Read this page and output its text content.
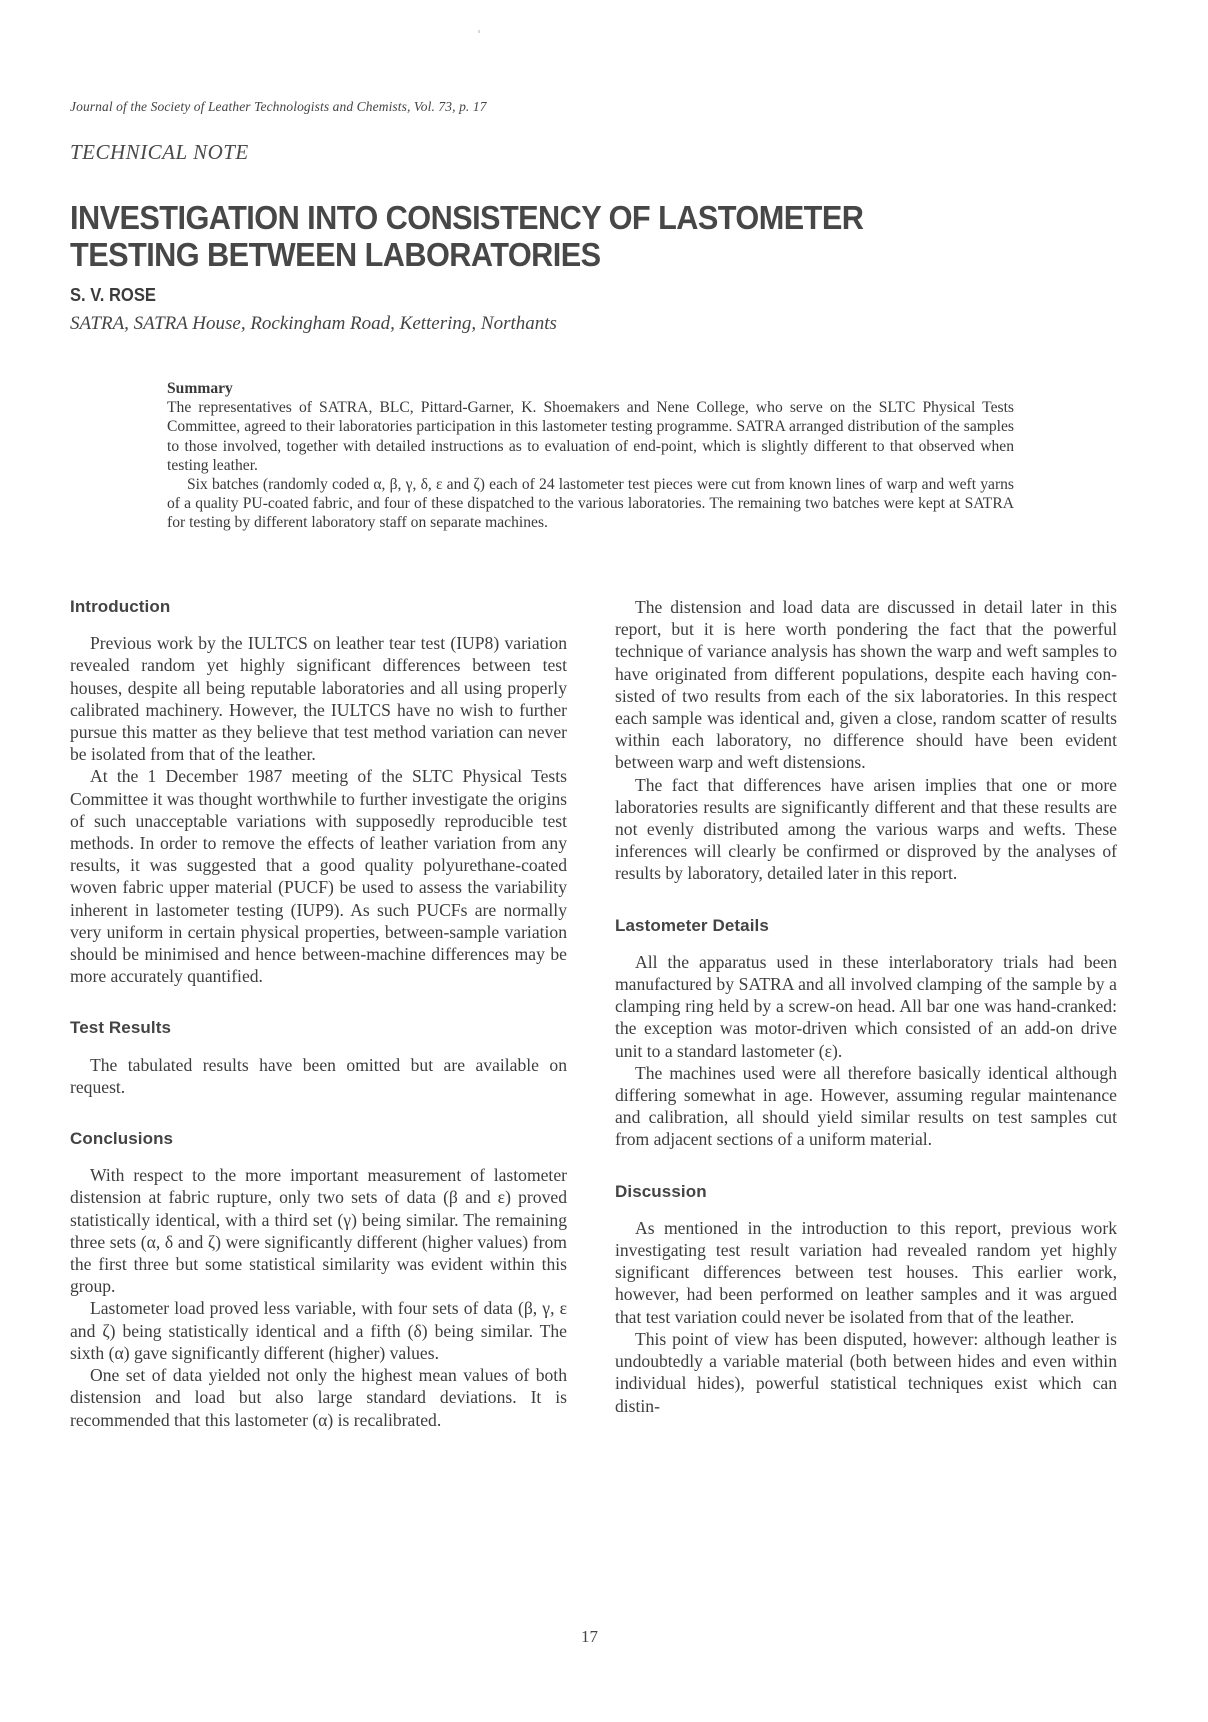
Journal of the Society of Leather Technologists and Chemists, Vol. 73, p. 17
TECHNICAL NOTE
INVESTIGATION INTO CONSISTENCY OF LASTOMETER TESTING BETWEEN LABORATORIES
S. V. ROSE
SATRA, SATRA House, Rockingham Road, Kettering, Northants
Summary

The representatives of SATRA, BLC, Pittard-Garner, K. Shoemakers and Nene College, who serve on the SLTC Physical Tests Committee, agreed to their laboratories participation in this lastometer testing programme. SATRA arranged distribution of the samples to those involved, together with detailed instructions as to evaluation of end-point, which is slightly different to that observed when testing leather.

Six batches (randomly coded α, β, γ, δ, ε and ζ) each of 24 lastometer test pieces were cut from known lines of warp and weft yarns of a quality PU-coated fabric, and four of these dispatched to the various laboratories. The remaining two batches were kept at SATRA for testing by different laboratory staff on separate machines.

Introduction

Previous work by the IULTCS on leather tear test (IUP8) variation revealed random yet highly significant differences between test houses, despite all being reputable laboratories and all using properly calibrated machinery. However, the IULTCS have no wish to further pursue this matter as they believe that test method variation can never be isolated from that of the leather.

At the 1 December 1987 meeting of the SLTC Physical Tests Committee it was thought worthwhile to further investigate the origins of such unacceptable variations with supposedly reproducible test methods. In order to remove the effects of leather variation from any results, it was suggested that a good quality polyurethane-coated woven fabric upper material (PUCF) be used to assess the variability inherent in lastometer testing (IUP9). As such PUCFs are normally very uniform in certain physical properties, between-sample variation should be minimised and hence between-machine differences may be more accurately quantified.

Test Results

The tabulated results have been omitted but are available on request.

Conclusions

With respect to the more important measurement of lastometer distension at fabric rupture, only two sets of data (β and ε) proved statistically identical, with a third set (γ) being similar. The remaining three sets (α, δ and ζ) were significantly different (higher values) from the first three but some statistical similarity was evident within this group.

Lastometer load proved less variable, with four sets of data (β, γ, ε and ζ) being statistically identical and a fifth (δ) being similar. The sixth (α) gave significantly different (higher) values.

One set of data yielded not only the highest mean values of both distension and load but also large standard deviations. It is recommended that this lastometer (α) is recalibrated.

The distension and load data are discussed in detail later in this report, but it is here worth pondering the fact that the powerful technique of variance analysis has shown the warp and weft samples to have originated from different populations, despite each having consisted of two results from each of the six laboratories. In this respect each sample was identical and, given a close, random scatter of results within each laboratory, no difference should have been evident between warp and weft distensions.

The fact that differences have arisen implies that one or more laboratories results are significantly different and that these results are not evenly distributed among the various warps and wefts. These inferences will clearly be confirmed or disproved by the analyses of results by laboratory, detailed later in this report.

Lastometer Details

All the apparatus used in these interlaboratory trials had been manufactured by SATRA and all involved clamping of the sample by a clamping ring held by a screw-on head. All bar one was hand-cranked: the exception was motor-driven which consisted of an add-on drive unit to a standard lastometer (ε).

The machines used were all therefore basically identical although differing somewhat in age. However, assuming regular maintenance and calibration, all should yield similar results on test samples cut from adjacent sections of a uniform material.

Discussion

As mentioned in the introduction to this report, previous work investigating test result variation had revealed random yet highly significant differences between test houses. This earlier work, however, had been performed on leather samples and it was argued that test variation could never be isolated from that of the leather.

This point of view has been disputed, however: although leather is undoubtedly a variable material (both between hides and even within individual hides), powerful statistical techniques exist which can distin-

17
